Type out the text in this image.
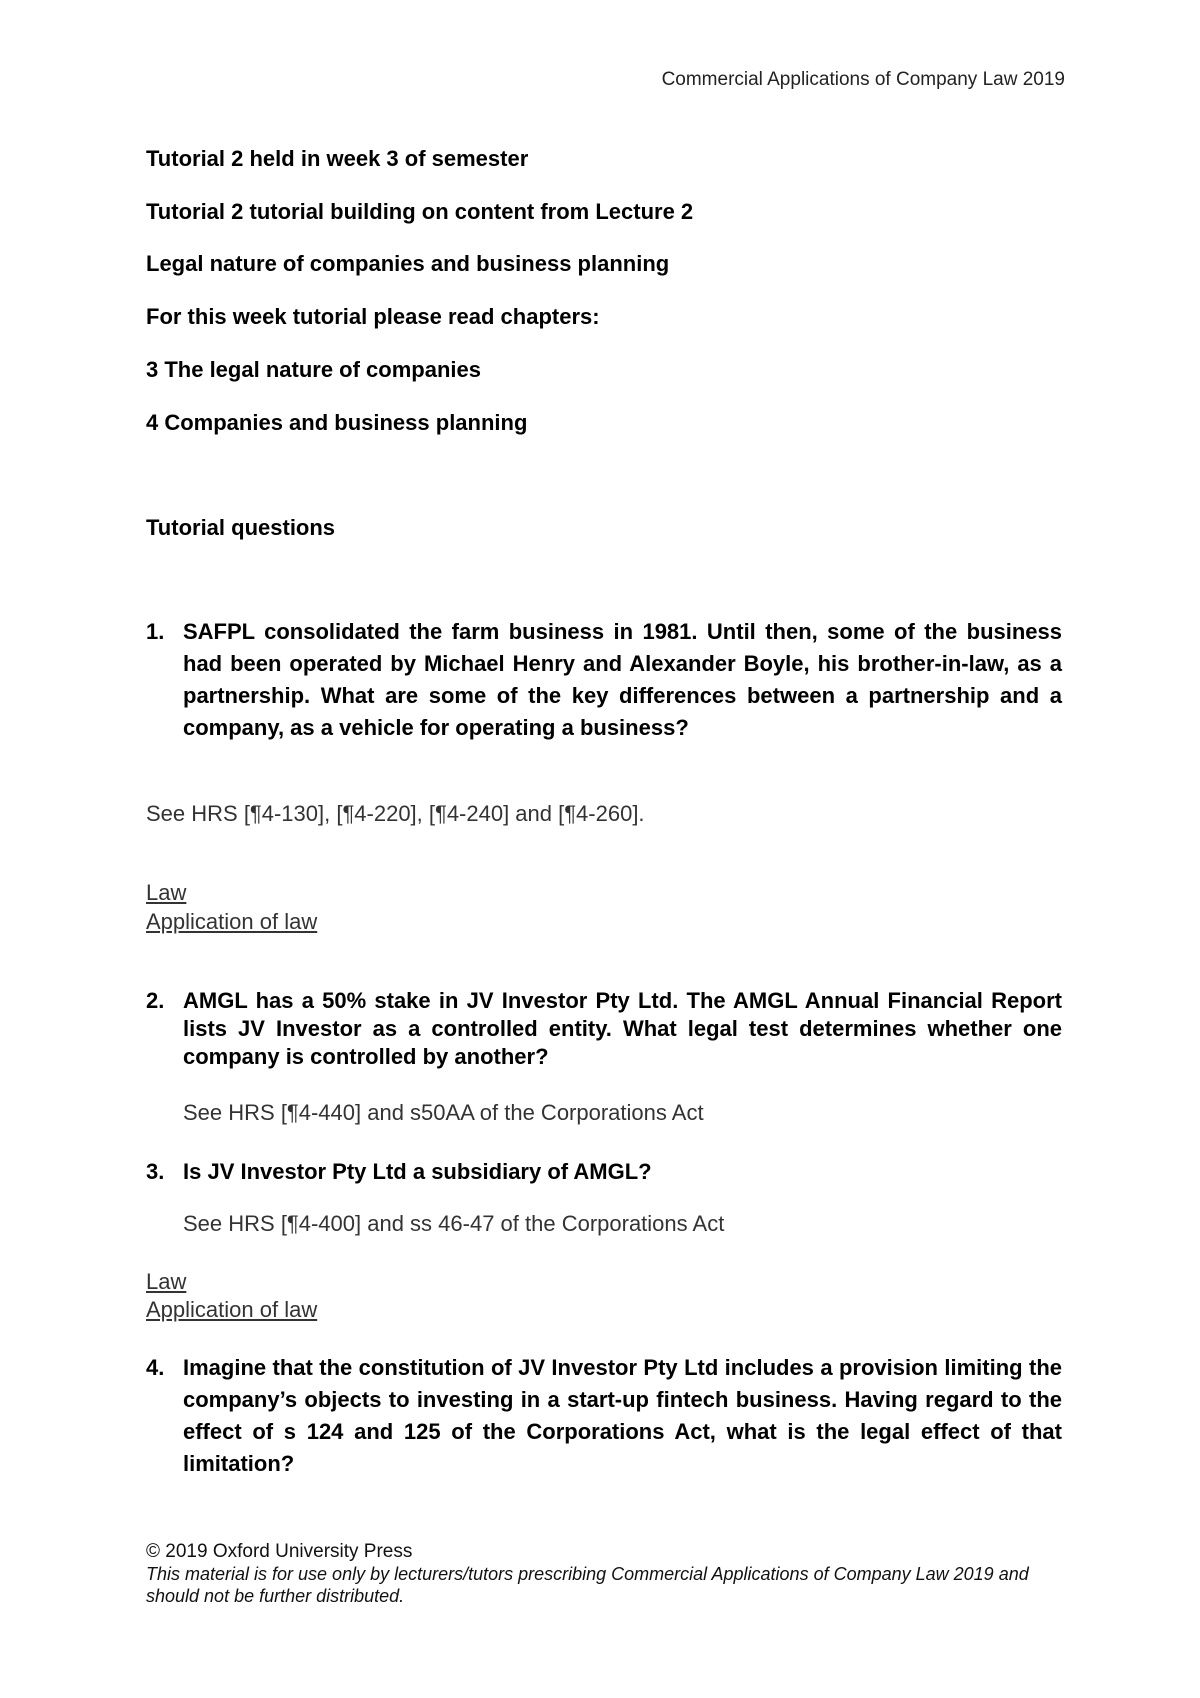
Commercial Applications of Company Law 2019
Tutorial 2 held in week 3 of semester
Tutorial 2 tutorial building on content from Lecture 2
Legal nature of companies and business planning
For this week tutorial please read chapters:
3 The legal nature of companies
4 Companies and business planning
Tutorial questions
1. SAFPL consolidated the farm business in 1981. Until then, some of the business had been operated by Michael Henry and Alexander Boyle, his brother-in-law, as a partnership. What are some of the key differences between a partnership and a company, as a vehicle for operating a business?
See HRS [¶4-130], [¶4-220], [¶4-240] and [¶4-260].
Law
Application of law
2. AMGL has a 50% stake in JV Investor Pty Ltd. The AMGL Annual Financial Report lists JV Investor as a controlled entity. What legal test determines whether one company is controlled by another?
See HRS [¶4-440] and s50AA of the Corporations Act
3. Is JV Investor Pty Ltd a subsidiary of AMGL?
See HRS [¶4-400] and ss 46-47 of the Corporations Act
Law
Application of law
4. Imagine that the constitution of JV Investor Pty Ltd includes a provision limiting the company’s objects to investing in a start-up fintech business. Having regard to the effect of s 124 and 125 of the Corporations Act, what is the legal effect of that limitation?
© 2019 Oxford University Press
This material is for use only by lecturers/tutors prescribing Commercial Applications of Company Law 2019 and should not be further distributed.
